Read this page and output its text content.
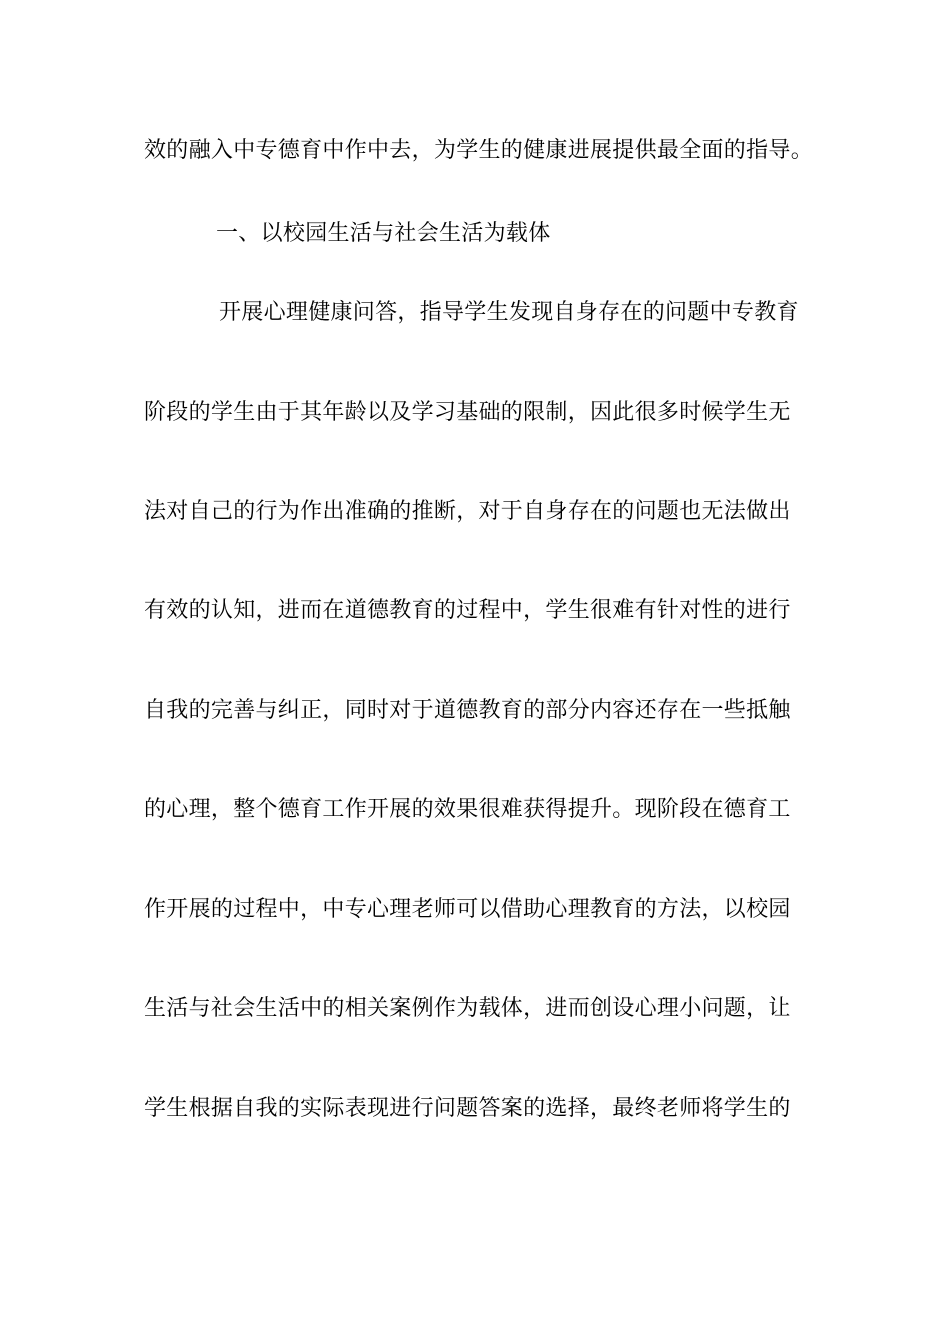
效的融入中专德育中作中去，为学生的健康进展提供最全面的指导。
一、以校园生活与社会生活为载体
开展心理健康问答，指导学生发现自身存在的问题中专教育
阶段的学生由于其年龄以及学习基础的限制，因此很多时候学生无
法对自己的行为作出准确的推断，对于自身存在的问题也无法做出
有效的认知，进而在道德教育的过程中，学生很难有针对性的进行
自我的完善与纠正，同时对于道德教育的部分内容还存在一些抵触
的心理，整个德育工作开展的效果很难获得提升。现阶段在德育工
作开展的过程中，中专心理老师可以借助心理教育的方法，以校园
生活与社会生活中的相关案例作为载体，进而创设心理小问题，让
学生根据自我的实际表现进行问题答案的选择，最终老师将学生的
